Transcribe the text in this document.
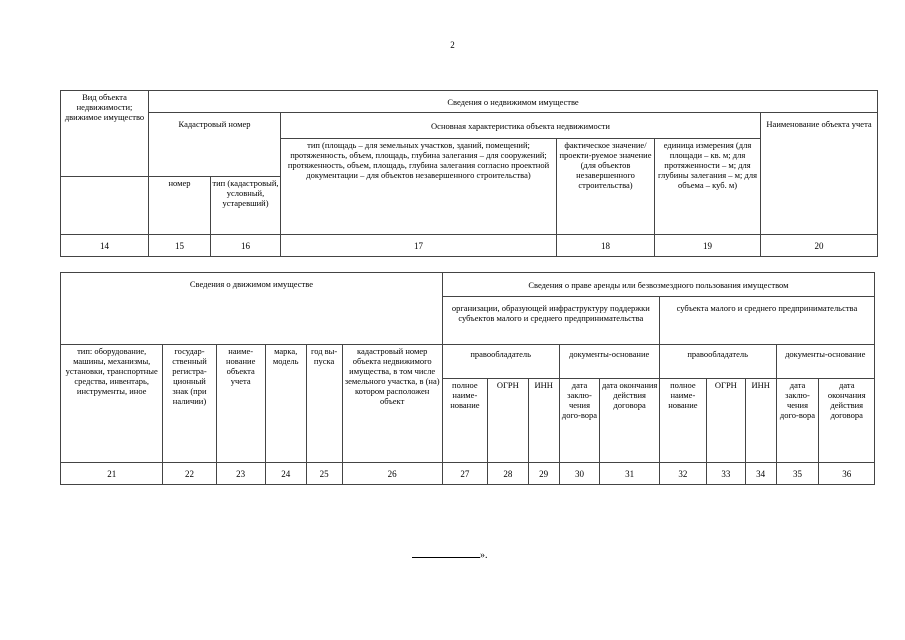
2
Вид объекта недвижимости; движимое имущество	Сведения о недвижимом имуществе					
	Кадастровый номер		Основная характеристика объекта недвижимости			Наименование объекта учета
			тип (площадь – для земельных участков, зданий, помещений; протяженность, объем, площадь, глубина залегания – для сооружений; протяженность, объем, площадь, глубина залегания согласно проектной документации – для объектов незавершенного строительства)	фактическое значение/проекти-руемое значение (для объектов незавершенного строительства)	единица измерения (для площади – кв. м; для протяженности – м; для глубины залегания – м; для объема – куб. м)	
	номер	тип (кадастровый, условный, устаревший)				
14	15	16	17	18	19	20
Сведения о движимом имуществе						Сведения о праве аренды или безвозмездного пользования имуществом									
						организации, образующей инфраструктуру поддержки субъектов малого и среднего предпринимательства					субъекта малого и среднего предпринимательства				
тип: оборудование, машины, механизмы, установки, транспортные средства, инвентарь, инструменты, иное	государ-ственный регистра-ционный знак (при наличии)	наиме-нование объекта учета	марка, модель	год вы-пуска	кадастровый номер объекта недвижимого имущества, в том числе земельного участка, в (на) котором расположен объект	правообладатель			документы-основание		правообладатель			документы-основание	
						полное наиме-нование	ОГРН	ИНН	дата заклю-чения дого-вора	дата окончания действия договора	полное наиме-нование	ОГРН	ИНН	дата заклю-чения дого-вора	дата окончания действия договора
21	22	23	24	25	26	27	28	29	30	31	32	33	34	35	36
».
